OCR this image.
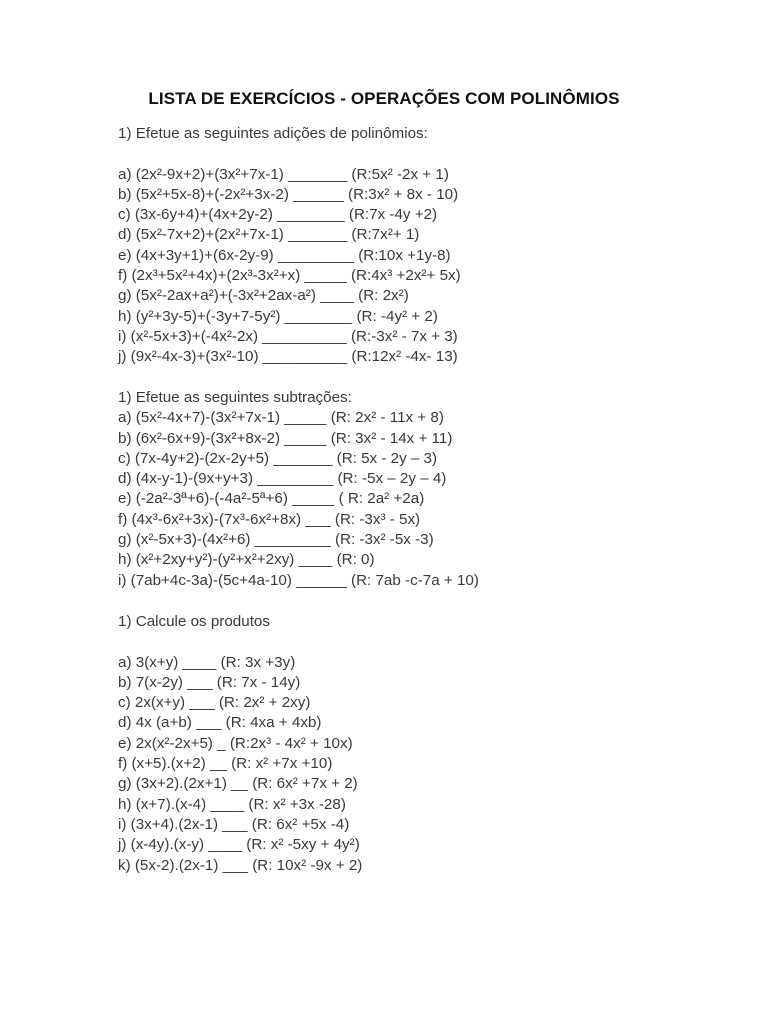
LISTA DE EXERCÍCIOS - OPERAÇÕES COM POLINÔMIOS
1) Efetue as seguintes adições de polinômios:
a) (2x²-9x+2)+(3x²+7x-1) _______ (R:5x² -2x + 1)
b) (5x²+5x-8)+(-2x²+3x-2) ______ (R:3x² + 8x - 10)
c) (3x-6y+4)+(4x+2y-2) ________ (R:7x -4y +2)
d) (5x²-7x+2)+(2x²+7x-1) _______ (R:7x²+ 1)
e) (4x+3y+1)+(6x-2y-9) _________ (R:10x +1y-8)
f) (2x³+5x²+4x)+(2x³-3x²+x) _____ (R:4x³ +2x²+ 5x)
g) (5x²-2ax+a²)+(-3x²+2ax-a²) ____ (R: 2x²)
h) (y²+3y-5)+(-3y+7-5y²) ________ (R: -4y² + 2)
i) (x²-5x+3)+(-4x²-2x) __________ (R:-3x² - 7x + 3)
j) (9x²-4x-3)+(3x²-10) __________ (R:12x² -4x- 13)
1) Efetue as seguintes subtrações:
a) (5x²-4x+7)-(3x²+7x-1) _____ (R: 2x² - 11x + 8)
b) (6x²-6x+9)-(3x²+8x-2) _____ (R: 3x² - 14x + 11)
c) (7x-4y+2)-(2x-2y+5) _______ (R: 5x - 2y – 3)
d) (4x-y-1)-(9x+y+3) _________ (R: -5x – 2y – 4)
e) (-2a²-3ª+6)-(-4a²-5ª+6) _____ ( R: 2a² +2a)
f) (4x³-6x²+3x)-(7x³-6x²+8x) ___ (R: -3x³ - 5x)
g) (x²-5x+3)-(4x²+6) _________ (R: -3x² -5x -3)
h) (x²+2xy+y²)-(y²+x²+2xy) ____ (R: 0)
i) (7ab+4c-3a)-(5c+4a-10) ______ (R: 7ab -c-7a + 10)
1) Calcule os produtos
a) 3(x+y) ____ (R: 3x +3y)
b) 7(x-2y) ___ (R: 7x - 14y)
c) 2x(x+y) ___ (R: 2x² + 2xy)
d) 4x (a+b) ___ (R: 4xa + 4xb)
e) 2x(x²-2x+5) _ (R:2x³ - 4x² + 10x)
f) (x+5).(x+2) __ (R: x² +7x +10)
g) (3x+2).(2x+1) __ (R: 6x² +7x + 2)
h) (x+7).(x-4) ____ (R: x² +3x -28)
i) (3x+4).(2x-1) ___ (R: 6x² +5x -4)
j) (x-4y).(x-y) ____ (R: x² -5xy + 4y²)
k) (5x-2).(2x-1) ___ (R: 10x² -9x + 2)
